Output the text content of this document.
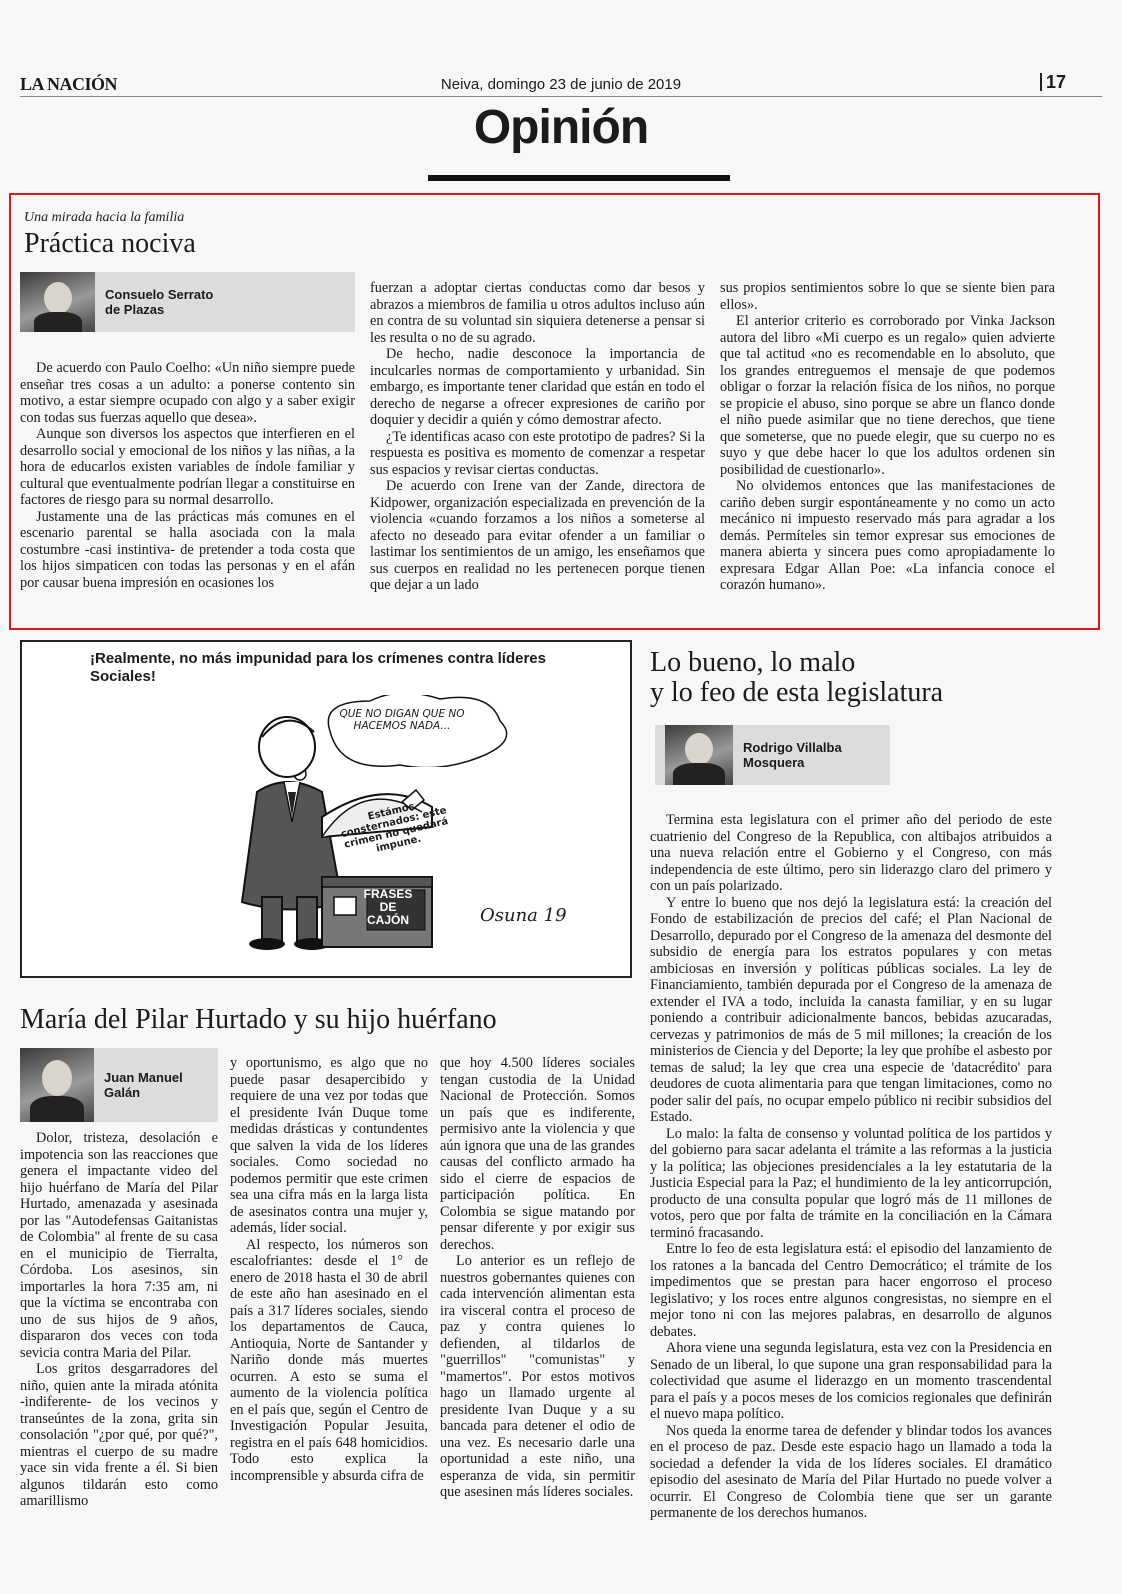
LA NACIÓN	Neiva, domingo 23 de junio de 2019	17
Opinión
Una mirada hacia la familia
Práctica nociva
Consuelo Serrato
de Plazas

De acuerdo con Paulo Coelho: «Un niño siempre puede enseñar tres cosas a un adulto: a ponerse contento sin motivo, a estar siempre ocupado con algo y a saber exigir con todas sus fuerzas aquello que desea».

Aunque son diversos los aspectos que interfieren en el desarrollo social y emocional de los niños y las niñas, a la hora de educarlos existen variables de índole familiar y cultural que eventualmente podrían llegar a constituirse en factores de riesgo para su normal desarrollo.

Justamente una de las prácticas más comunes en el escenario parental se halla asociada con la mala costumbre -casi instintiva- de pretender a toda costa que los hijos simpaticen con todas las personas y en el afán por causar buena impresión en ocasiones los

fuerzan a adoptar ciertas conductas como dar besos y abrazos a miembros de familia u otros adultos incluso aún en contra de su voluntad sin siquiera detenerse a pensar si les resulta o no de su agrado.

De hecho, nadie desconoce la importancia de inculcarles normas de comportamiento y urbanidad. Sin embargo, es importante tener claridad que están en todo el derecho de negarse a ofrecer expresiones de cariño por doquier y decidir a quién y cómo demostrar afecto.

¿Te identificas acaso con este prototipo de padres? Si la respuesta es positiva es momento de comenzar a respetar sus espacios y revisar ciertas conductas.

De acuerdo con Irene van der Zande, directora de Kidpower, organización especializada en prevención de la violencia «cuando forzamos a los niños a someterse al afecto no deseado para evitar ofender a un familiar o lastimar los sentimientos de un amigo, les enseñamos que sus cuerpos en realidad no les pertenecen porque tienen que dejar a un lado

sus propios sentimientos sobre lo que se siente bien para ellos».

El anterior criterio es corroborado por Vinka Jackson autora del libro «Mi cuerpo es un regalo» quien advierte que tal actitud «no es recomendable en lo absoluto, que los grandes entreguemos el mensaje de que podemos obligar o forzar la relación física de los niños, no porque se propicie el abuso, sino porque se abre un flanco donde el niño puede asimilar que no tiene derechos, que tiene que someterse, que no puede elegir, que su cuerpo no es suyo y que debe hacer lo que los adultos ordenen sin posibilidad de cuestionarlo».

No olvidemos entonces que las manifestaciones de cariño deben surgir espontáneamente y no como un acto mecánico ni impuesto reservado más para agradar a los demás. Permíteles sin temor expresar sus emociones de manera abierta y sincera pues como apropiadamente lo expresara Edgar Allan Poe: «La infancia conoce el corazón humano».

¡Realmente, no más impunidad para los crímenes contra líderes Sociales!
QUE NO DIGAN QUE NO HACEMOS NADA...
Estámos consternados: este crimen no quedará impune.
FRASES DE CAJÓN	Osuna 19
María del Pilar Hurtado y su hijo huérfano
Juan Manuel
Galán

Dolor, tristeza, desolación e impotencia son las reacciones que genera el impactante video del hijo huérfano de María del Pilar Hurtado, amenazada y asesinada por las "Autodefensas Gaitanistas de Colombia" al frente de su casa en el municipio de Tierralta, Córdoba. Los asesinos, sin importarles la hora 7:35 am, ni que la víctima se encontraba con uno de sus hijos de 9 años, dispararon dos veces con toda sevicia contra Maria del Pilar.

Los gritos desgarradores del niño, quien ante la mirada atónita -indiferente- de los vecinos y transeúntes de la zona, grita sin consolación "¿por qué, por qué?", mientras el cuerpo de su madre yace sin vida frente a él. Si bien algunos tildarán esto como amarillismo

y oportunismo, es algo que no puede pasar desapercibido y requiere de una vez por todas que el presidente Iván Duque tome medidas drásticas y contundentes que salven la vida de los líderes sociales. Como sociedad no podemos permitir que este crimen sea una cifra más en la larga lista de asesinatos contra una mujer y, además, líder social.

Al respecto, los números son escalofriantes: desde el 1° de enero de 2018 hasta el 30 de abril de este año han asesinado en el país a 317 líderes sociales, siendo los departamentos de Cauca, Antioquia, Norte de Santander y Nariño donde más muertes ocurren. A esto se suma el aumento de la violencia política en el país que, según el Centro de Investigación Popular Jesuita, registra en el país 648 homicidios. Todo esto explica la incomprensible y absurda cifra de

que hoy 4.500 líderes sociales tengan custodia de la Unidad Nacional de Protección. Somos un país que es indiferente, permisivo ante la violencia y que aún ignora que una de las grandes causas del conflicto armado ha sido el cierre de espacios de participación política. En Colombia se sigue matando por pensar diferente y por exigir sus derechos.

Lo anterior es un reflejo de nuestros gobernantes quienes con cada intervención alimentan esta ira visceral contra el proceso de paz y contra quienes lo defienden, al tildarlos de "guerrillos" "comunistas" y "mamertos". Por estos motivos hago un llamado urgente al presidente Ivan Duque y a su bancada para detener el odio de una vez. Es necesario darle una oportunidad a este niño, una esperanza de vida, sin permitir que asesinen más líderes sociales.

Lo bueno, lo malo
y lo feo de esta legislatura
Rodrigo Villalba
Mosquera

Termina esta legislatura con el primer año del periodo de este cuatrienio del Congreso de la Republica, con altibajos atribuidos a una nueva relación entre el Gobierno y el Congreso, con más independencia de este último, pero sin liderazgo claro del primero y con un país polarizado.

Y entre lo bueno que nos dejó la legislatura está: la creación del Fondo de estabilización de precios del café; el Plan Nacional de Desarrollo, depurado por el Congreso de la amenaza del desmonte del subsidio de energía para los estratos populares y con metas ambiciosas en inversión y políticas públicas sociales. La ley de Financiamiento, también depurada por el Congreso de la amenaza de extender el IVA a todo, incluida la canasta familiar, y en su lugar poniendo a contribuir adicionalmente bancos, bebidas azucaradas, cervezas y patrimonios de más de 5 mil millones; la creación de los ministerios de Ciencia y del Deporte; la ley que prohíbe el asbesto por temas de salud; la ley que crea una especie de 'datacrédito' para deudores de cuota alimentaria para que tengan limitaciones, como no poder salir del país, no ocupar empelo público ni recibir subsidios del Estado.

Lo malo: la falta de consenso y voluntad política de los partidos y del gobierno para sacar adelanta el trámite a las reformas a la justicia y la política; las objeciones presidenciales a la ley estatutaria de la Justicia Especial para la Paz; el hundimiento de la ley anticorrupción, producto de una consulta popular que logró más de 11 millones de votos, pero que por falta de trámite en la conciliación en la Cámara terminó fracasando.

Entre lo feo de esta legislatura está: el episodio del lanzamiento de los ratones a la bancada del Centro Democrático; el trámite de los impedimentos que se prestan para hacer engorroso el proceso legislativo; y los roces entre algunos congresistas, no siempre en el mejor tono ni con las mejores palabras, en desarrollo de algunos debates.

Ahora viene una segunda legislatura, esta vez con la Presidencia en Senado de un liberal, lo que supone una gran responsabilidad para la colectividad que asume el liderazgo en un momento trascendental para el país y a pocos meses de los comicios regionales que definirán el nuevo mapa político.

Nos queda la enorme tarea de defender y blindar todos los avances en el proceso de paz. Desde este espacio hago un llamado a toda la sociedad a defender la vida de los líderes sociales. El dramático episodio del asesinato de María del Pilar Hurtado no puede volver a ocurrir. El Congreso de Colombia tiene que ser un garante permanente de los derechos humanos.
